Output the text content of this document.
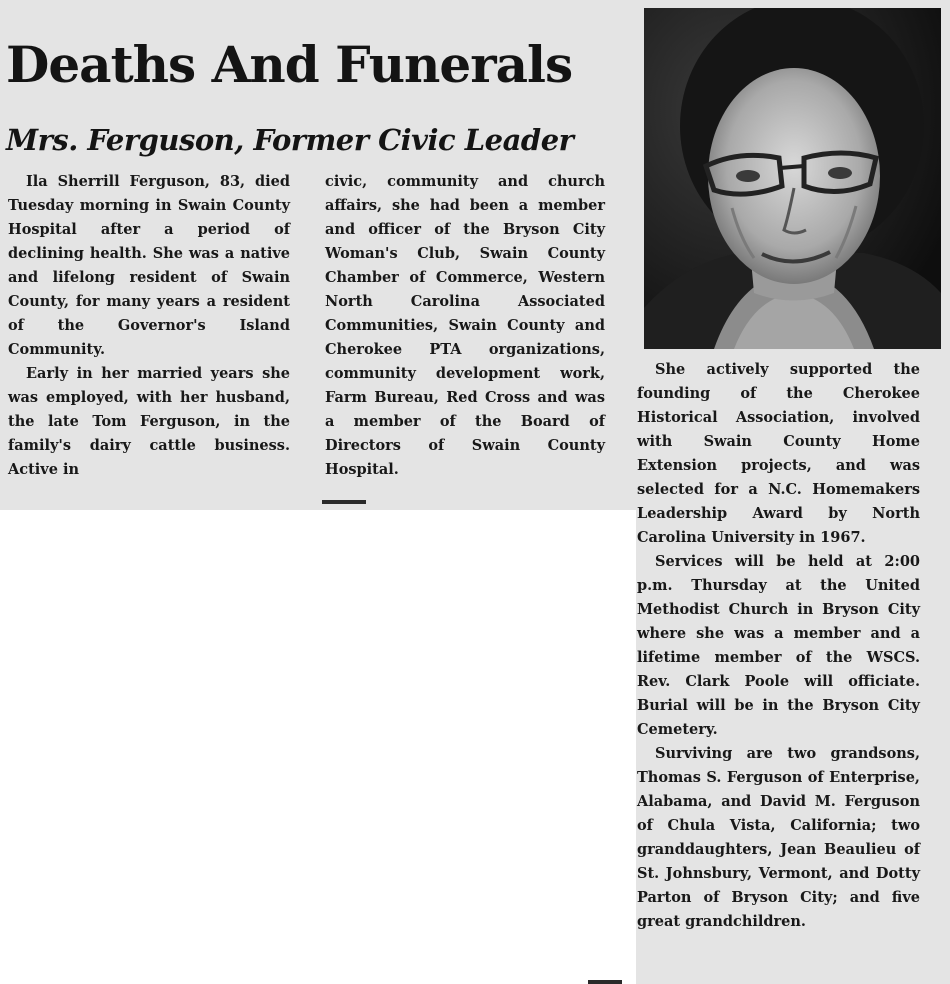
Deaths And Funerals
Mrs. Ferguson, Former Civic Leader

Ila Sherrill Ferguson, 83, died Tuesday morning in Swain County Hospital after a period of declining health. She was a native and lifelong resident of Swain County, for many years a resident of the Governor's Island Community.

Early in her married years she was employed, with her husband, the late Tom Ferguson, in the family's dairy cattle business. Active in

civic, community and church affairs, she had been a member and officer of the Bryson City Woman's Club, Swain County Chamber of Commerce, Western North Carolina Associated Communities, Swain County and Cherokee PTA organizations, community development work, Farm Bureau, Red Cross and was a member of the Board of Directors of Swain County Hospital.

She actively supported the founding of the Cherokee Historical Association, involved with Swain County Home Extension projects, and was selected for a N.C. Homemakers Leadership Award by North Carolina University in 1967.

Services will be held at 2:00 p.m. Thursday at the United Methodist Church in Bryson City where she was a member and a lifetime member of the WSCS. Rev. Clark Poole will officiate. Burial will be in the Bryson City Cemetery.

Surviving are two grandsons, Thomas S. Ferguson of Enterprise, Alabama, and David M. Ferguson of Chula Vista, California; two granddaughters, Jean Beaulieu of St. Johnsbury, Vermont, and Dotty Parton of Bryson City; and five great grandchildren.
